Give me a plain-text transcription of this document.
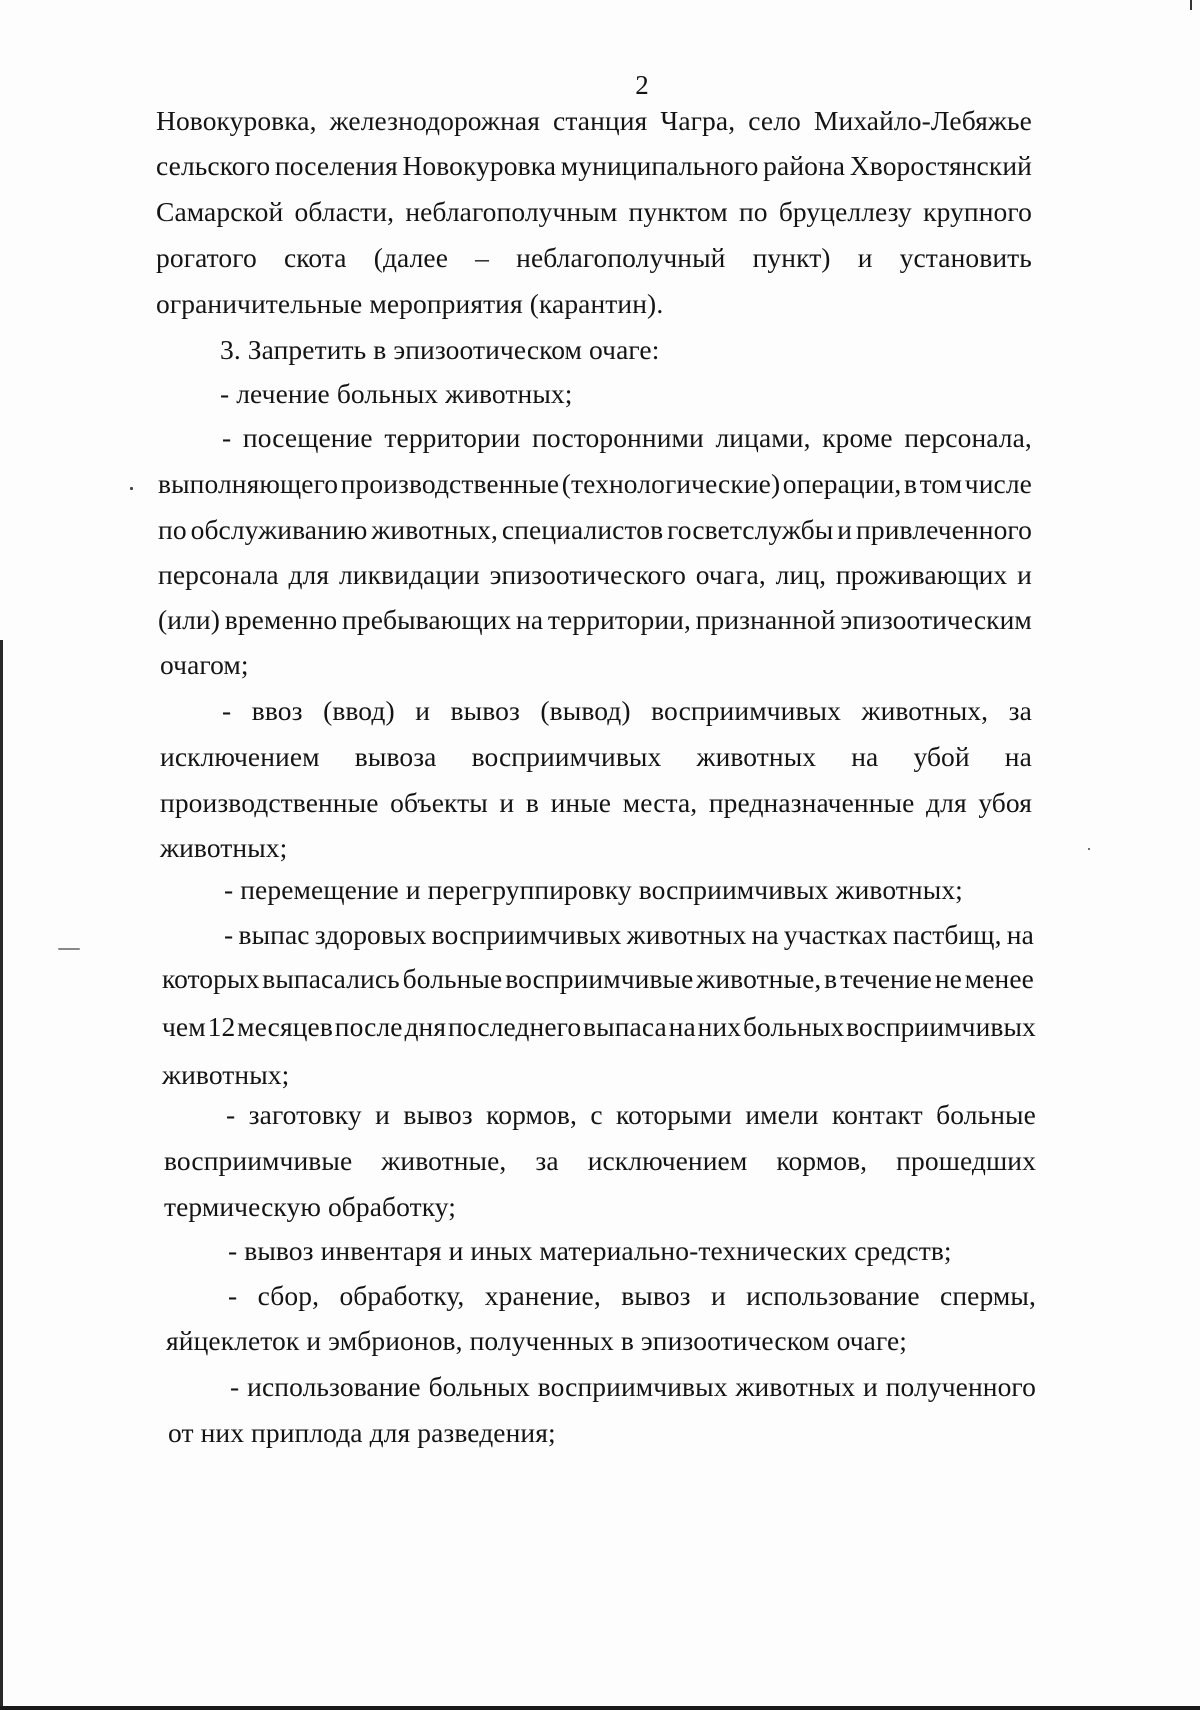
2
Новокуровка, железнодорожная станция Чагра, село Михайло-Лебяжье
сельского поселения Новокуровка муниципального района Хворостянский
Самарской области, неблагополучным пунктом по бруцеллезу крупного
рогатого скота (далее – неблагополучный пункт) и установить
ограничительные мероприятия (карантин).
3. Запретить в эпизоотическом очаге:
- лечение больных животных;
- посещение территории посторонними лицами, кроме персонала,
выполняющего производственные (технологические) операции, в том числе
по обслуживанию животных, специалистов госветслужбы и привлеченного
персонала для ликвидации эпизоотического очага, лиц, проживающих и
(или) временно пребывающих на территории, признанной эпизоотическим
очагом;
- ввоз (ввод) и вывоз (вывод) восприимчивых животных, за
исключением вывоза восприимчивых животных на убой на
производственные объекты и в иные места, предназначенные для убоя
животных;
- перемещение и перегруппировку восприимчивых животных;
- выпас здоровых восприимчивых животных на участках пастбищ, на
которых выпасались больные восприимчивые животные, в течение не менее
чем 12 месяцев после дня последнего выпаса на них больных восприимчивых
животных;
- заготовку и вывоз кормов, с которыми имели контакт больные
восприимчивые животные, за исключением кормов, прошедших
термическую обработку;
- вывоз инвентаря и иных материально-технических средств;
- сбор, обработку, хранение, вывоз и использование спермы,
яйцеклеток и эмбрионов, полученных в эпизоотическом очаге;
- использование больных восприимчивых животных и полученного
от них приплода для разведения;
